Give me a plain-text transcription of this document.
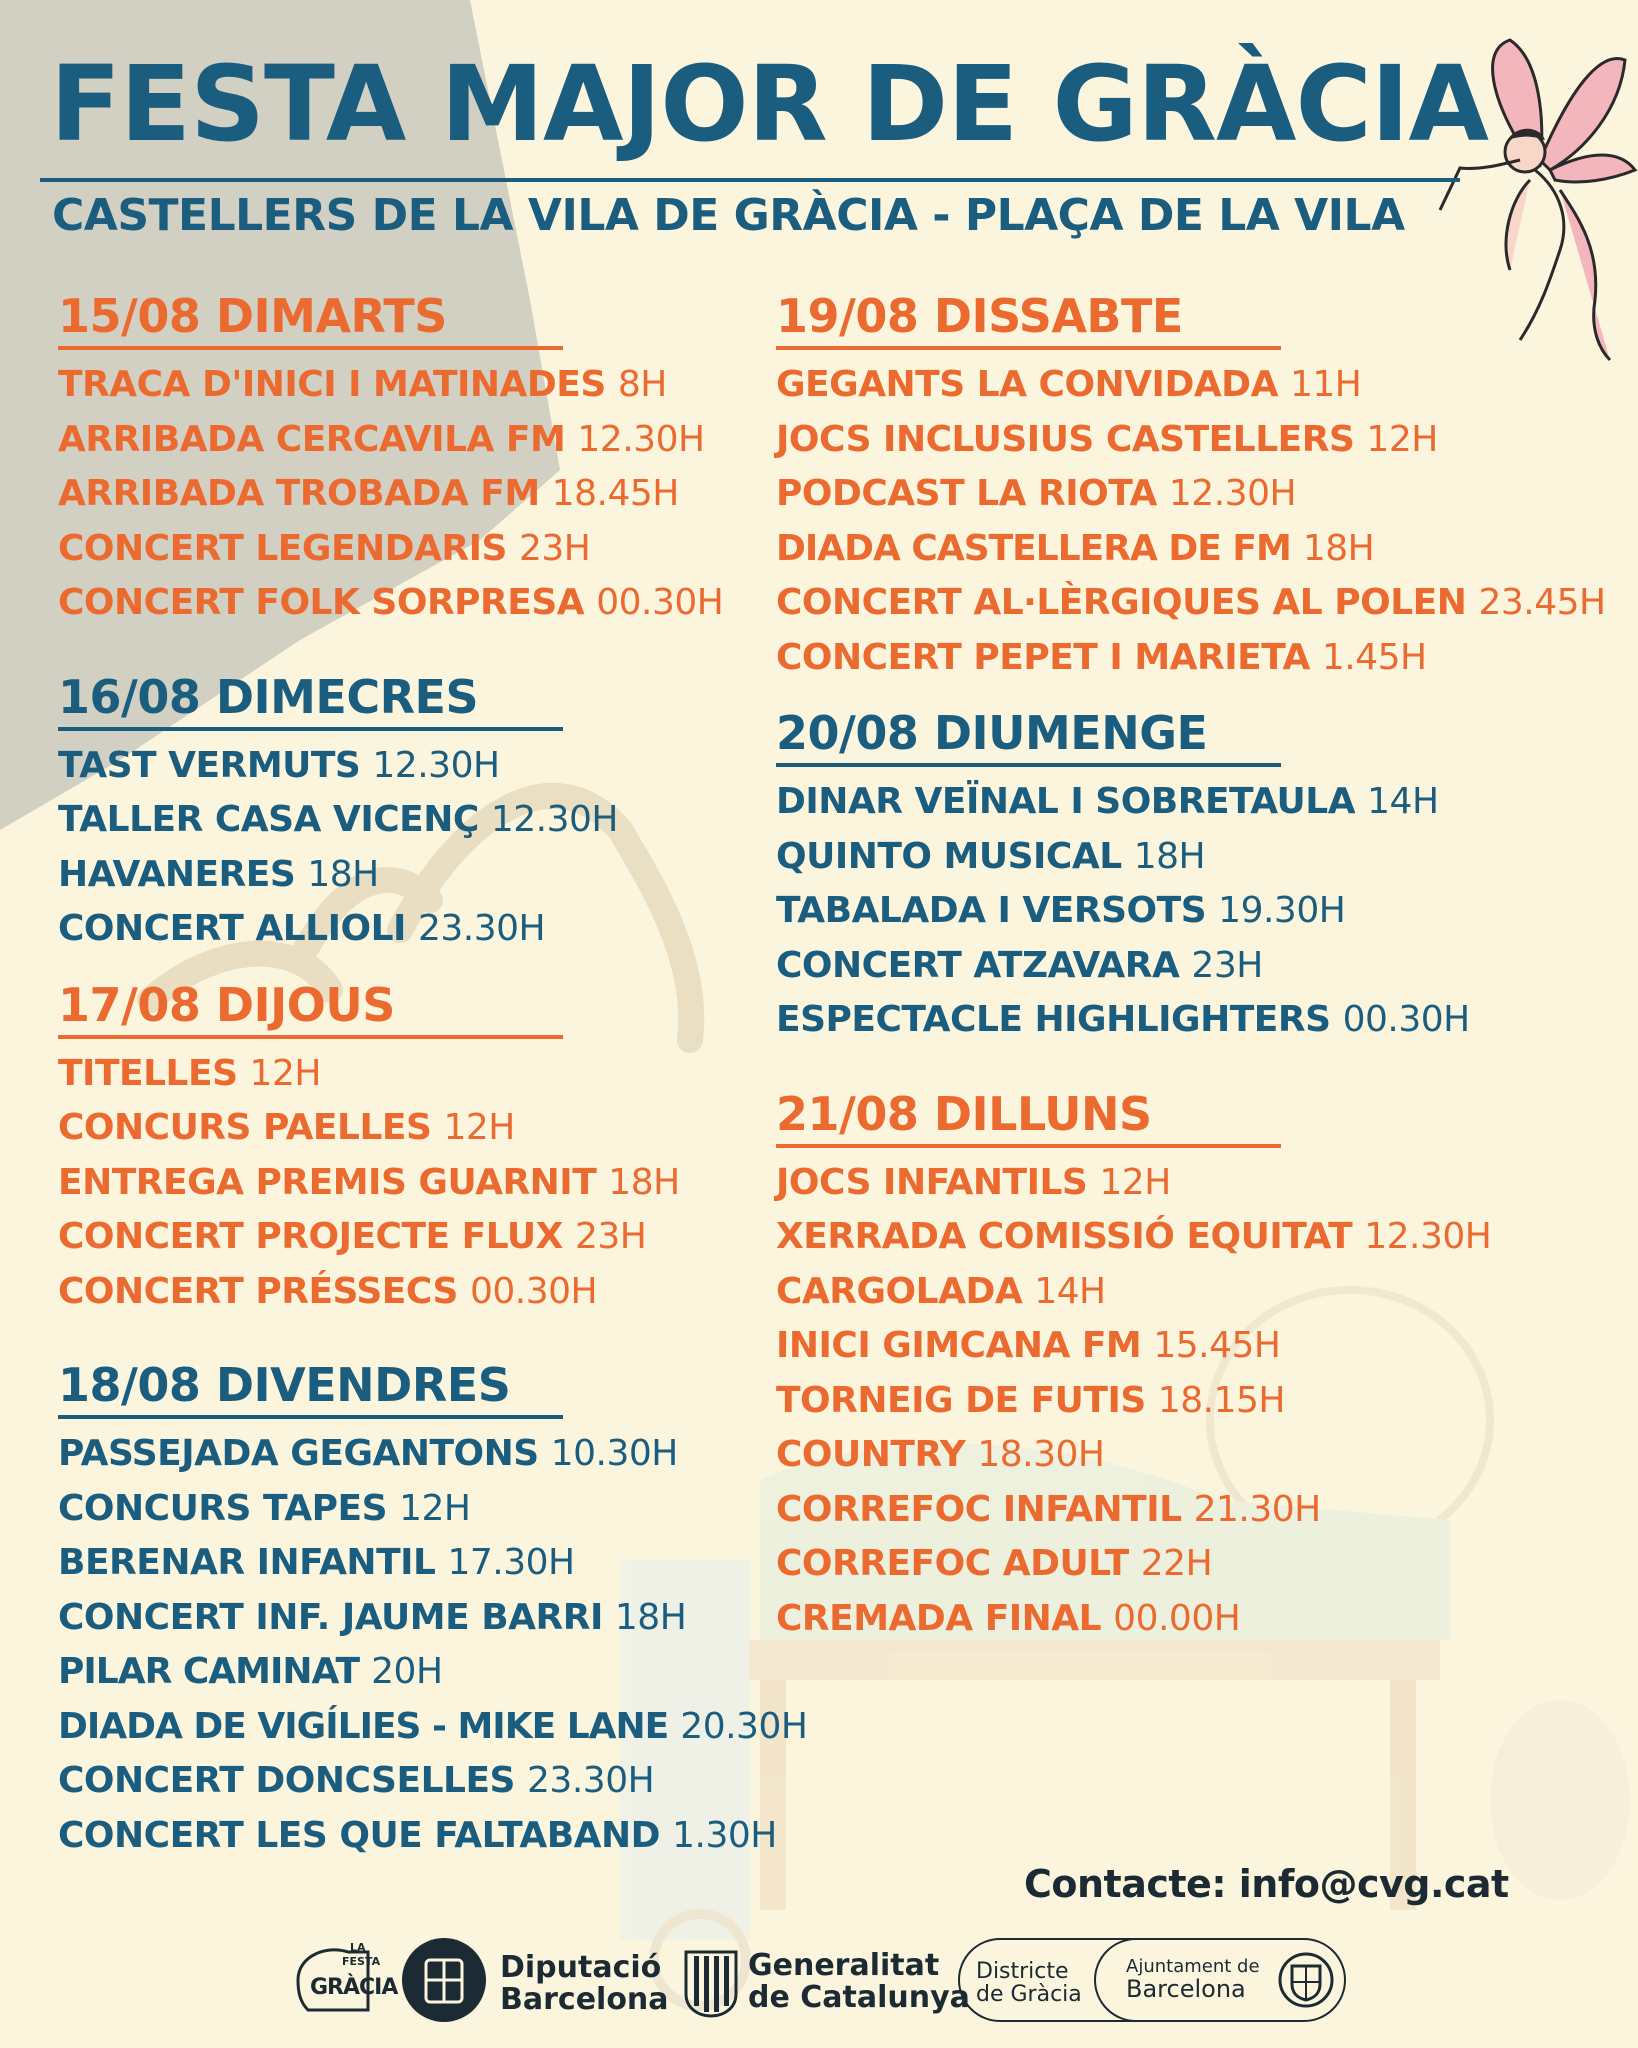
FESTA MAJOR DE GRÀCIA
CASTELLERS DE LA VILA DE GRÀCIA - PLAÇA DE LA VILA
15/08 DIMARTS
TRACA D'INICI I MATINADES 8H
ARRIBADA CERCAVILA FM 12.30H
ARRIBADA TROBADA FM 18.45H
CONCERT LEGENDARIS 23H
CONCERT FOLK SORPRESA 00.30H
16/08 DIMECRES
TAST VERMUTS 12.30H
TALLER CASA VICENÇ 12.30H
HAVANERES 18H
CONCERT ALLIOLI 23.30H
17/08 DIJOUS
TITELLES 12H
CONCURS PAELLES 12H
ENTREGA PREMIS GUARNIT 18H
CONCERT PROJECTE FLUX 23H
CONCERT PRÉSSECS 00.30H
18/08 DIVENDRES
PASSEJADA GEGANTONS 10.30H
CONCURS TAPES 12H
BERENAR INFANTIL 17.30H
CONCERT INF. JAUME BARRI 18H
PILAR CAMINAT 20H
DIADA DE VIGÍLIES - MIKE LANE 20.30H
CONCERT DONCSELLES 23.30H
CONCERT LES QUE FALTABAND 1.30H
19/08 DISSABTE
GEGANTS LA CONVIDADA 11H
JOCS INCLUSIUS CASTELLERS 12H
PODCAST LA RIOTA 12.30H
DIADA CASTELLERA DE FM 18H
CONCERT AL·LÈRGIQUES AL POLEN 23.45H
CONCERT PEPET I MARIETA 1.45H
20/08 DIUMENGE
DINAR VEÏNAL I SOBRETAULA 14H
QUINTO MUSICAL 18H
TABALADA I VERSOTS 19.30H
CONCERT ATZAVARA 23H
ESPECTACLE HIGHLIGHTERS 00.30H
21/08 DILLUNS
JOCS INFANTILS 12H
XERRADA COMISSIÓ EQUITAT 12.30H
CARGOLADA 14H
INICI GIMCANA FM 15.45H
TORNEIG DE FUTIS 18.15H
COUNTRY 18.30H
CORREFOC INFANTIL 21.30H
CORREFOC ADULT 22H
CREMADA FINAL 00.00H
Contacte: info@cvg.cat
LA
FESTA
GRÀCIA
Diputació
Barcelona
Generalitat
de Catalunya
Districte
de Gràcia
Ajuntament de
Barcelona
